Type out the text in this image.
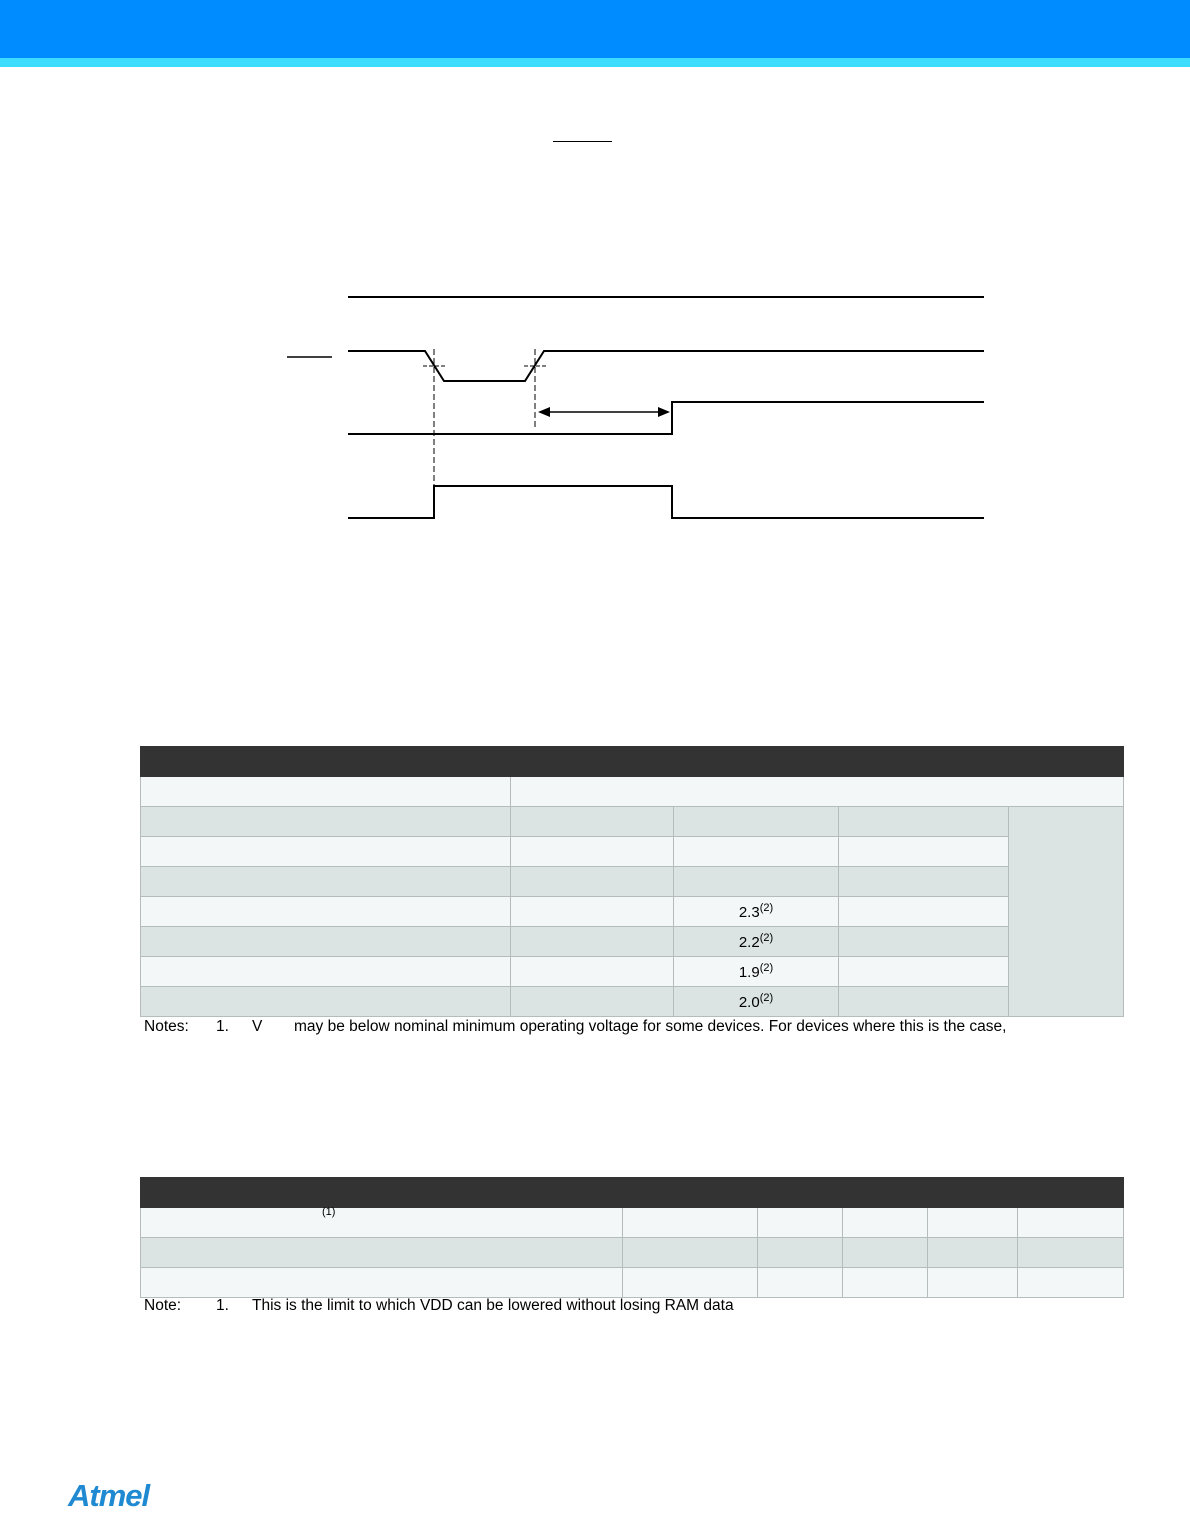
		2.3$^{(2)}$	
		2.2$^{(2)}$	
		1.9$^{(2)}$	
		2.0$^{(2)}$	
Notes: 1. V may be below nominal minimum operating voltage for some devices. For devices where this is the case,

$^{(1)}$					

Note: 1. This is the limit to which VDD can be lowered without losing RAM data
Atmel
